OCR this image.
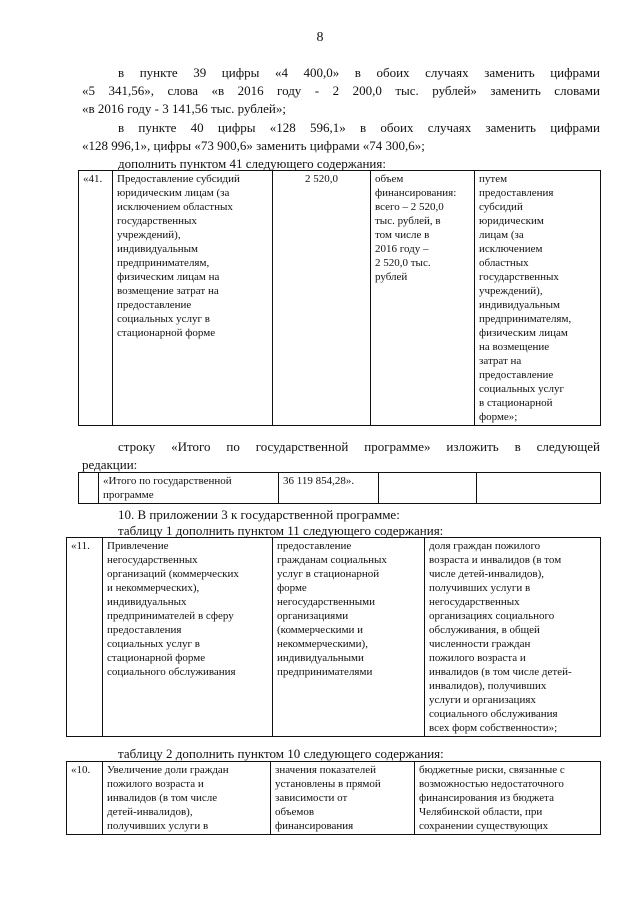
8
в пункте 39 цифры «4 400,0» в обоих случаях заменить цифрами
«5 341,56», слова «в 2016 году - 2 200,0 тыс. рублей» заменить словами
«в 2016 году - 3 141,56 тыс. рублей»;
в пункте 40 цифры «128 596,1» в обоих случаях заменить цифрами
«128 996,1», цифры «73 900,6» заменить цифрами «74 300,6»;
дополнить пунктом 41 следующего содержания:
«41.	Предоставление субсидий
юридическим лицам (за
исключением областных
государственных
учреждений),
индивидуальным
предпринимателям,
физическим лицам на
возмещение затрат на
предоставление
социальных услуг в
стационарной форме
	2 520,0	объем
финансирования:
всего – 2 520,0
тыс. рублей, в
том числе в
2016 году –
2 520,0 тыс.
рублей

путем
предоставления
субсидий
юридическим
лицам (за
исключением
областных
государственных
учреждений),
индивидуальным
предпринимателям,
физическим лицам
на возмещение
затрат на
предоставление
социальных услуг
в стационарной
форме»;
строку «Итого по государственной программе» изложить в следующей
редакции:

«Итого по государственной
программе
	36 119 854,28».		
10. В приложении 3 к государственной программе:
таблицу 1 дополнить пунктом 11 следующего содержания:
«11.	Привлечение
негосударственных
организаций (коммерческих
и некоммерческих),
индивидуальных
предпринимателей в сферу
предоставления
социальных услуг в
стационарной форме
социального обслуживания

предоставление
гражданам социальных
услуг в стационарной
форме
негосударственными
организациями
(коммерческими и
некоммерческими),
индивидуальными
предпринимателями

доля граждан пожилого
возраста и инвалидов (в том
числе детей-инвалидов),
получивших услуги в
негосударственных
организациях социального
обслуживания, в общей
численности граждан
пожилого возраста и
инвалидов (в том числе детей-
инвалидов), получивших
услуги и организациях
социального обслуживания
всех форм собственности»;
таблицу 2 дополнить пунктом 10 следующего содержания:
«10.	Увеличение доли граждан
пожилого возраста и
инвалидов (в том числе
детей-инвалидов),
получивших услуги в

значения показателей
установлены в прямой
зависимости от
объемов
финансирования

бюджетные риски, связанные с
возможностью недостаточного
финансирования из бюджета
Челябинской области, при
сохранении существующих
